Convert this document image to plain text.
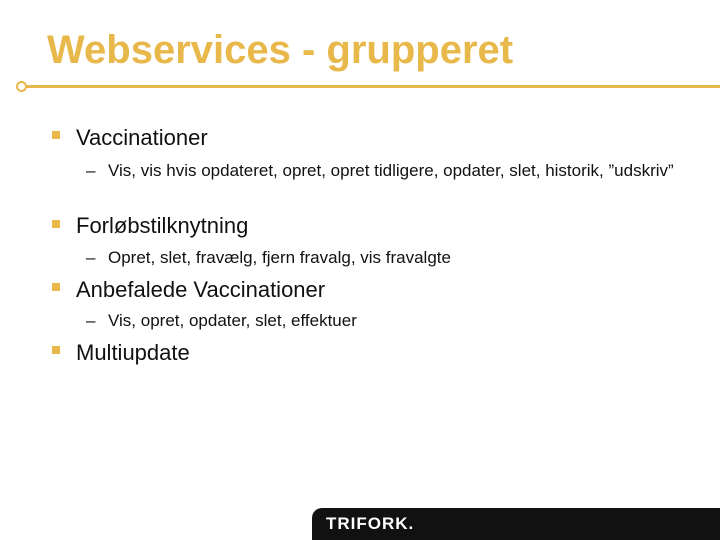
Webservices - grupperet
Vaccinationer
– Vis, vis hvis opdateret, opret, opret tidligere, opdater, slet, historik, ”udskriv”
Forløbstilknytning
– Opret, slet, fravælg, fjern fravalg, vis fravalgte
Anbefalede Vaccinationer
– Vis, opret, opdater, slet, effektuer
Multiupdate
TRIFORK.
